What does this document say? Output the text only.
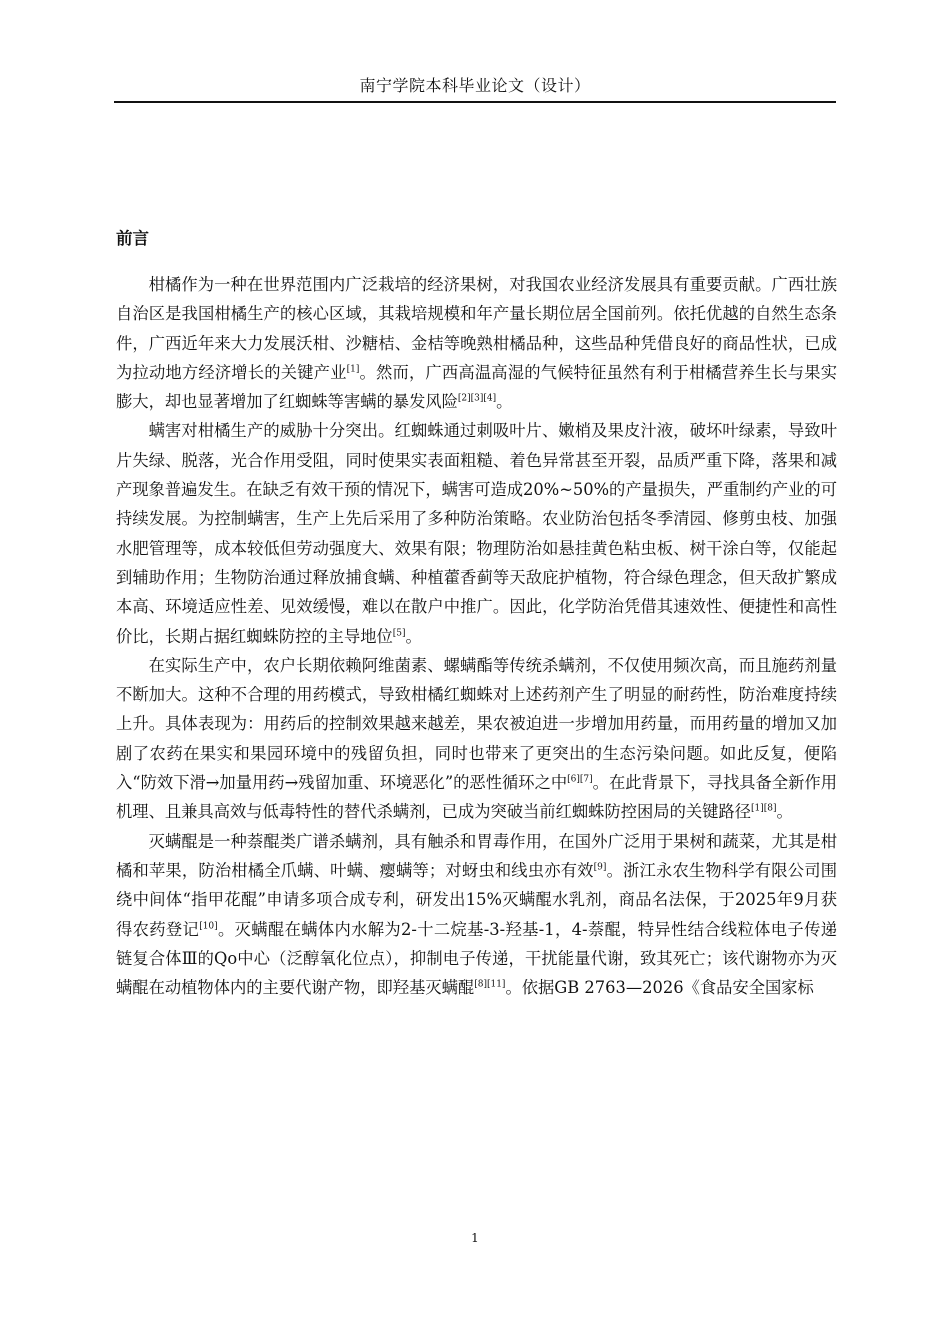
南宁学院本科毕业论文（设计）
前言

柑橘作为一种在世界范围内广泛栽培的经济果树，对我国农业经济发展具有重要贡献。广西壮族自治区是我国柑橘生产的核心区域，其栽培规模和年产量长期位居全国前列。依托优越的自然生态条件，广西近年来大力发展沃柑、沙糖桔、金桔等晚熟柑橘品种，这些品种凭借良好的商品性状，已成为拉动地方经济增长的关键产业[1]。然而，广西高温高湿的气候特征虽然有利于柑橘营养生长与果实膨大，却也显著增加了红蜘蛛等害螨的暴发风险[2][3][4]。

螨害对柑橘生产的威胁十分突出。红蜘蛛通过刺吸叶片、嫩梢及果皮汁液，破坏叶绿素，导致叶片失绿、脱落，光合作用受阻，同时使果实表面粗糙、着色异常甚至开裂，品质严重下降，落果和减产现象普遍发生。在缺乏有效干预的情况下，螨害可造成20%~50%的产量损失，严重制约产业的可持续发展。为控制螨害，生产上先后采用了多种防治策略。农业防治包括冬季清园、修剪虫枝、加强水肥管理等，成本较低但劳动强度大、效果有限；物理防治如悬挂黄色粘虫板、树干涂白等，仅能起到辅助作用；生物防治通过释放捕食螨、种植藿香蓟等天敌庇护植物，符合绿色理念，但天敌扩繁成本高、环境适应性差、见效缓慢，难以在散户中推广。因此，化学防治凭借其速效性、便捷性和高性价比，长期占据红蜘蛛防控的主导地位[5]。

在实际生产中，农户长期依赖阿维菌素、螺螨酯等传统杀螨剂，不仅使用频次高，而且施药剂量不断加大。这种不合理的用药模式，导致柑橘红蜘蛛对上述药剂产生了明显的耐药性，防治难度持续上升。具体表现为：用药后的控制效果越来越差，果农被迫进一步增加用药量，而用药量的增加又加剧了农药在果实和果园环境中的残留负担，同时也带来了更突出的生态污染问题。如此反复，便陷入“防效下滑→加量用药→残留加重、环境恶化”的恶性循环之中[6][7]。在此背景下，寻找具备全新作用机理、且兼具高效与低毒特性的替代杀螨剂，已成为突破当前红蜘蛛防控困局的关键路径[1][8]。

灭螨醌是一种萘醌类广谱杀螨剂，具有触杀和胃毒作用，在国外广泛用于果树和蔬菜，尤其是柑橘和苹果，防治柑橘全爪螨、叶螨、瘿螨等；对蚜虫和线虫亦有效[9]。浙江永农生物科学有限公司围绕中间体“指甲花醌”申请多项合成专利，研发出15%灭螨醌水乳剂，商品名法保，于2025年9月获得农药登记[10]。灭螨醌在螨体内水解为2-十二烷基-3-羟基-1，4-萘醌，特异性结合线粒体电子传递链复合体Ⅲ的Qo中心（泛醇氧化位点），抑制电子传递，干扰能量代谢，致其死亡；该代谢物亦为灭螨醌在动植物体内的主要代谢产物，即羟基灭螨醌[8][11]。依据GB 2763—2026《食品安全国家标

1
